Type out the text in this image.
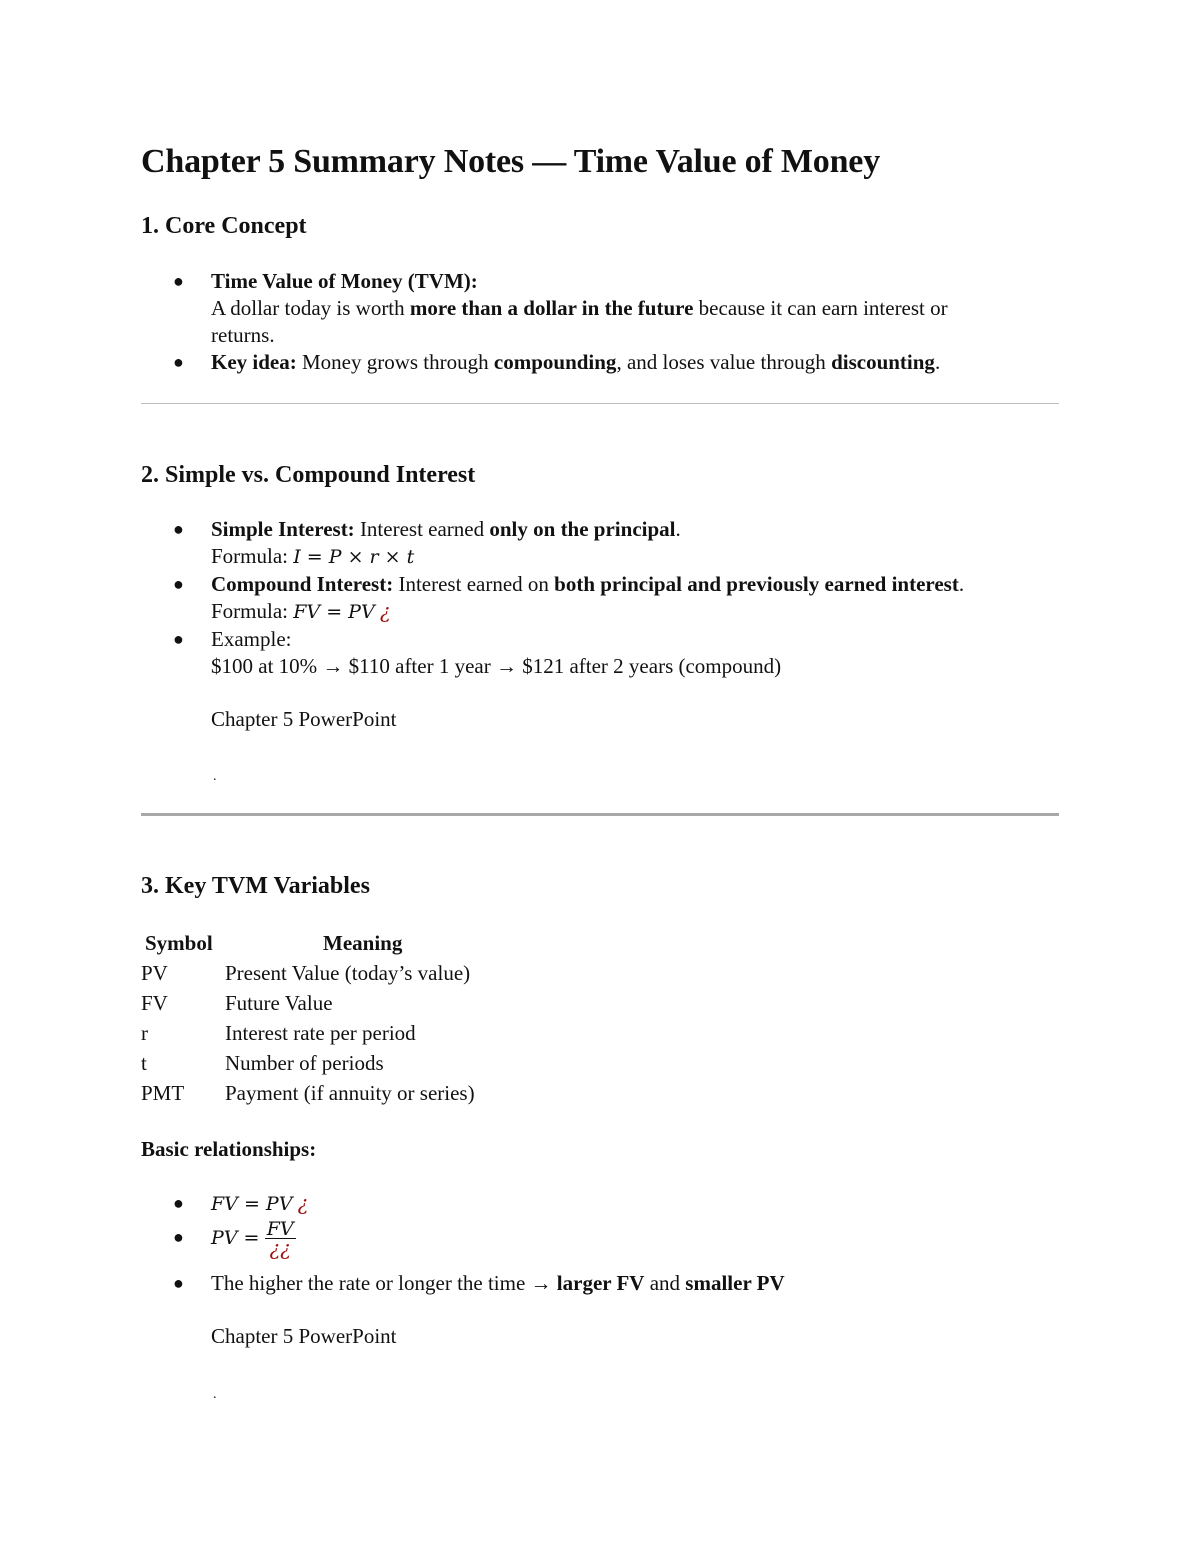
Chapter 5 Summary Notes — Time Value of Money
1. Core Concept
● Time Value of Money (TVM):
A dollar today is worth more than a dollar in the future because it can earn interest or
returns.
● Key idea: Money grows through compounding, and loses value through discounting.
2. Simple vs. Compound Interest
● Simple Interest: Interest earned only on the principal.
Formula: I = P × r × t
● Compound Interest: Interest earned on both principal and previously earned interest.
Formula: FV = PV ¿
● Example:
$100 at 10% → $110 after 1 year → $121 after 2 years (compound)

Chapter 5 PowerPoint

.
3. Key TVM Variables
Symbol	Meaning
PV	Present Value (today’s value)
FV	Future Value
r	Interest rate per period
t	Number of periods
PMT	Payment (if annuity or series)

Basic relationships:

● FV = PV ¿
● PV = $\frac{FV}{¿¿}$
● The higher the rate or longer the time → larger FV and smaller PV

Chapter 5 PowerPoint

.
